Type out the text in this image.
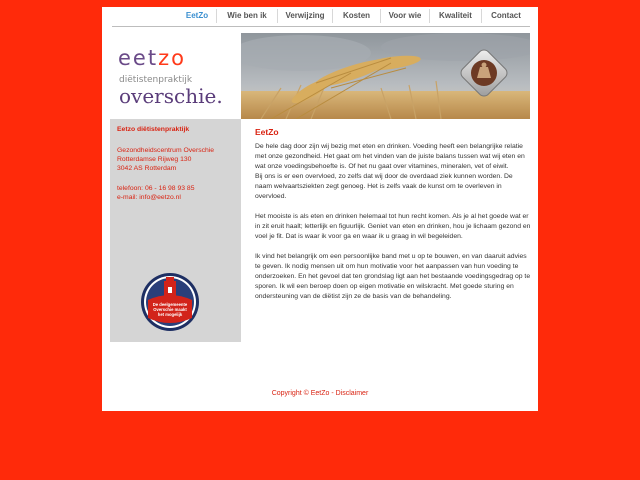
EetZo	Wie ben ik	Verwijzing	Kosten	Voor wie	Kwaliteit	Contact
eetzo
diëtistenpraktijk
overschie.
Eetzo diëtistenpraktijk
Gezondheidscentrum Overschie
Rotterdamse Rijweg 130
3042 AS Rotterdam
telefoon: 06 - 16 98 93 85
e-mail: info@eetzo.nl
De deelgemeente
Overschie maakt
het mogelijk
EetZo

De hele dag door zijn wij bezig met eten en drinken. Voeding heeft een belangrijke relatie met onze gezondheid. Het gaat om het vinden van de juiste balans tussen wat wij eten en wat onze voedingsbehoefte is. Of het nu gaat over vitamines, mineralen, vet of eiwit.
Bij ons is er een overvloed, zo zelfs dat wij door de overdaad ziek kunnen worden. De naam welvaartsziekten zegt genoeg. Het is zelfs vaak de kunst om te overleven in overvloed.

Het mooiste is als eten en drinken helemaal tot hun recht komen. Als je al het goede wat er in zit eruit haalt; letterlijk en figuurlijk. Geniet van eten en drinken, hou je lichaam gezond en voel je fit. Dat is waar ik voor ga en waar ik u graag in wil begeleiden.

Ik vind het belangrijk om een persoonlijke band met u op te bouwen, en van daaruit advies te geven. Ik nodig mensen uit om hun motivatie voor het aanpassen van hun voeding te onderzoeken. En het gevoel dat ten grondslag ligt aan het bestaande voedingsgedrag op te sporen. Ik wil een beroep doen op eigen motivatie en wilskracht. Met goede sturing en ondersteuning van de diëtist zijn ze de basis van de behandeling.

Copyright © EetZo - Disclaimer
